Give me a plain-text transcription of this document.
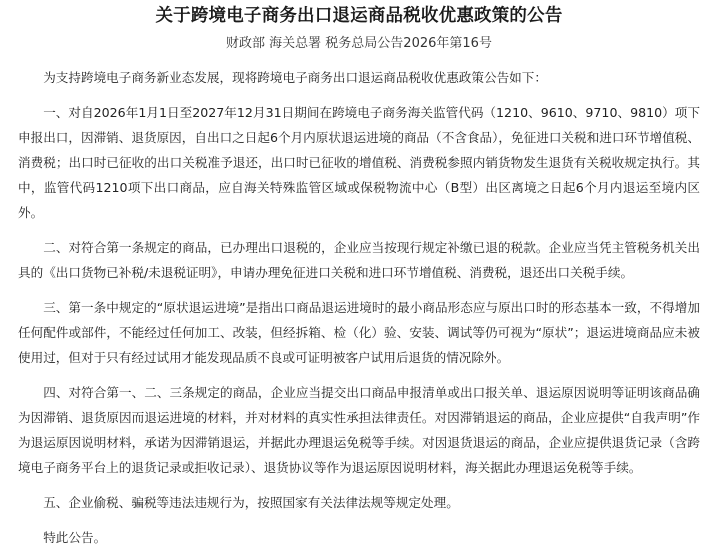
关于跨境电子商务出口退运商品税收优惠政策的公告
财政部 海关总署 税务总局公告2026年第16号

为支持跨境电子商务新业态发展，现将跨境电子商务出口退运商品税收优惠政策公告如下：

一、对自2026年1月1日至2027年12月31日期间在跨境电子商务海关监管代码（1210、9610、9710、9810）项下申报出口，因滞销、退货原因，自出口之日起6个月内原状退运进境的商品（不含食品），免征进口关税和进口环节增值税、消费税；出口时已征收的出口关税准予退还，出口时已征收的增值税、消费税参照内销货物发生退货有关税收规定执行。其中，监管代码1210项下出口商品，应自海关特殊监管区域或保税物流中心（B型）出区离境之日起6个月内退运至境内区外。

二、对符合第一条规定的商品，已办理出口退税的，企业应当按现行规定补缴已退的税款。企业应当凭主管税务机关出具的《出口货物已补税/未退税证明》，申请办理免征进口关税和进口环节增值税、消费税，退还出口关税手续。

三、第一条中规定的“原状退运进境”是指出口商品退运进境时的最小商品形态应与原出口时的形态基本一致，不得增加任何配件或部件，不能经过任何加工、改装，但经拆箱、检（化）验、安装、调试等仍可视为“原状”；退运进境商品应未被使用过，但对于只有经过试用才能发现品质不良或可证明被客户试用后退货的情况除外。

四、对符合第一、二、三条规定的商品，企业应当提交出口商品申报清单或出口报关单、退运原因说明等证明该商品确为因滞销、退货原因而退运进境的材料，并对材料的真实性承担法律责任。对因滞销退运的商品，企业应提供“自我声明”作为退运原因说明材料，承诺为因滞销退运，并据此办理退运免税等手续。对因退货退运的商品，企业应提供退货记录（含跨境电子商务平台上的退货记录或拒收记录）、退货协议等作为退运原因说明材料，海关据此办理退运免税等手续。

五、企业偷税、骗税等违法违规行为，按照国家有关法律法规等规定处理。

特此公告。
